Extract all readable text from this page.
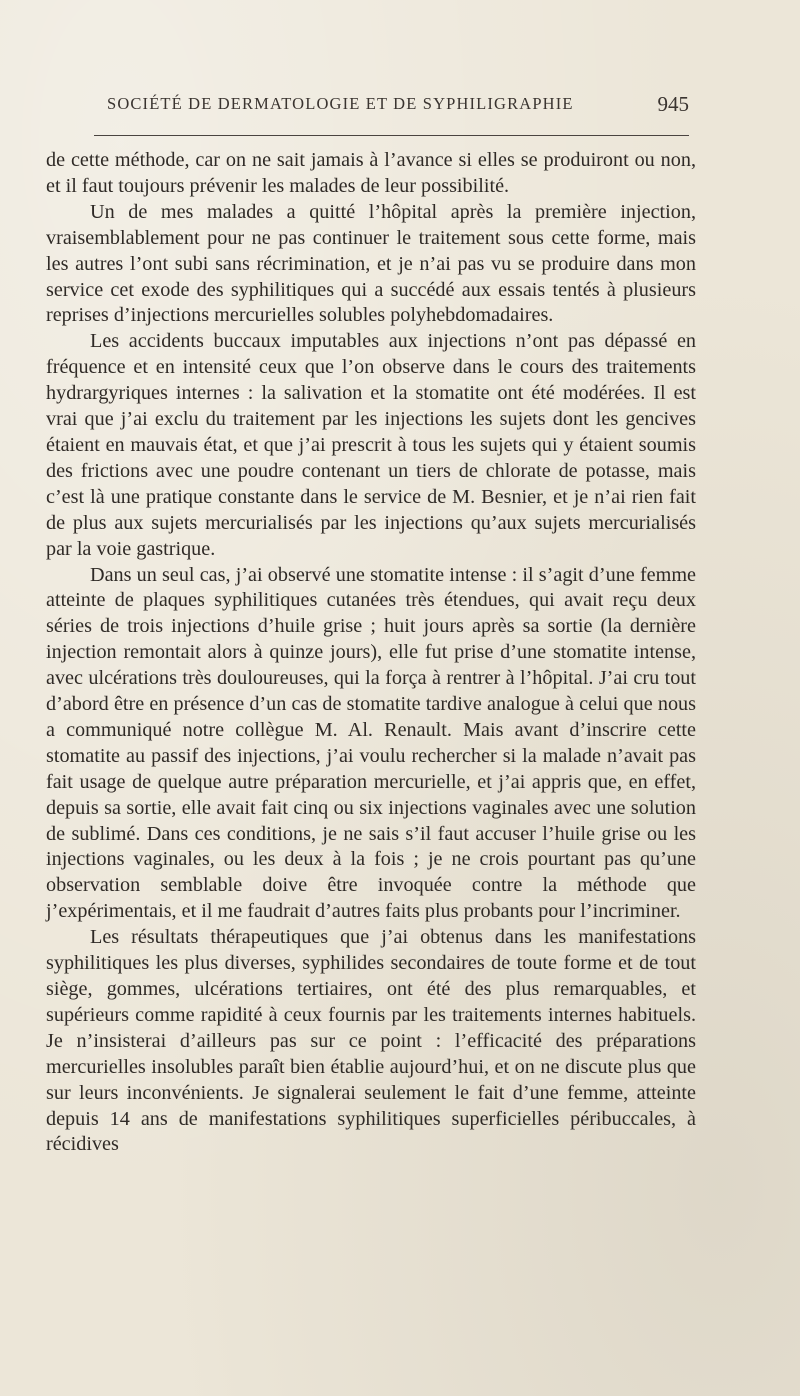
SOCIÉTÉ DE DERMATOLOGIE ET DE SYPHILIGRAPHIE	945

de cette méthode, car on ne sait jamais à l’avance si elles se produiront ou non, et il faut toujours prévenir les malades de leur possibilité.

Un de mes malades a quitté l’hôpital après la première injection, vraisemblablement pour ne pas continuer le traitement sous cette forme, mais les autres l’ont subi sans récrimination, et je n’ai pas vu se produire dans mon service cet exode des syphilitiques qui a succédé aux essais tentés à plusieurs reprises d’injections mercurielles solubles polyhebdomadaires.

Les accidents buccaux imputables aux injections n’ont pas dépassé en fréquence et en intensité ceux que l’on observe dans le cours des traitements hydrargyriques internes : la salivation et la stomatite ont été modérées. Il est vrai que j’ai exclu du traitement par les injections les sujets dont les gencives étaient en mauvais état, et que j’ai prescrit à tous les sujets qui y étaient soumis des frictions avec une poudre contenant un tiers de chlorate de potasse, mais c’est là une pratique constante dans le service de M. Besnier, et je n’ai rien fait de plus aux sujets mercurialisés par les injections qu’aux sujets mercurialisés par la voie gastrique.

Dans un seul cas, j’ai observé une stomatite intense : il s’agit d’une femme atteinte de plaques syphilitiques cutanées très étendues, qui avait reçu deux séries de trois injections d’huile grise ; huit jours après sa sortie (la dernière injection remontait alors à quinze jours), elle fut prise d’une stomatite intense, avec ulcérations très douloureuses, qui la força à rentrer à l’hôpital. J’ai cru tout d’abord être en présence d’un cas de stomatite tardive analogue à celui que nous a communiqué notre collègue M. Al. Renault. Mais avant d’inscrire cette stomatite au passif des injections, j’ai voulu rechercher si la malade n’avait pas fait usage de quelque autre préparation mercurielle, et j’ai appris que, en effet, depuis sa sortie, elle avait fait cinq ou six injections vaginales avec une solution de sublimé. Dans ces conditions, je ne sais s’il faut accuser l’huile grise ou les injections vaginales, ou les deux à la fois ; je ne crois pourtant pas qu’une observation semblable doive être invoquée contre la méthode que j’expérimentais, et il me faudrait d’autres faits plus probants pour l’incriminer.

Les résultats thérapeutiques que j’ai obtenus dans les manifestations syphilitiques les plus diverses, syphilides secondaires de toute forme et de tout siège, gommes, ulcérations tertiaires, ont été des plus remarquables, et supérieurs comme rapidité à ceux fournis par les traitements internes habituels. Je n’insisterai d’ailleurs pas sur ce point : l’efficacité des préparations mercurielles insolubles paraît bien établie aujourd’hui, et on ne discute plus que sur leurs inconvénients. Je signalerai seulement le fait d’une femme, atteinte depuis 14 ans de manifestations syphilitiques superficielles péribuccales, à récidives
